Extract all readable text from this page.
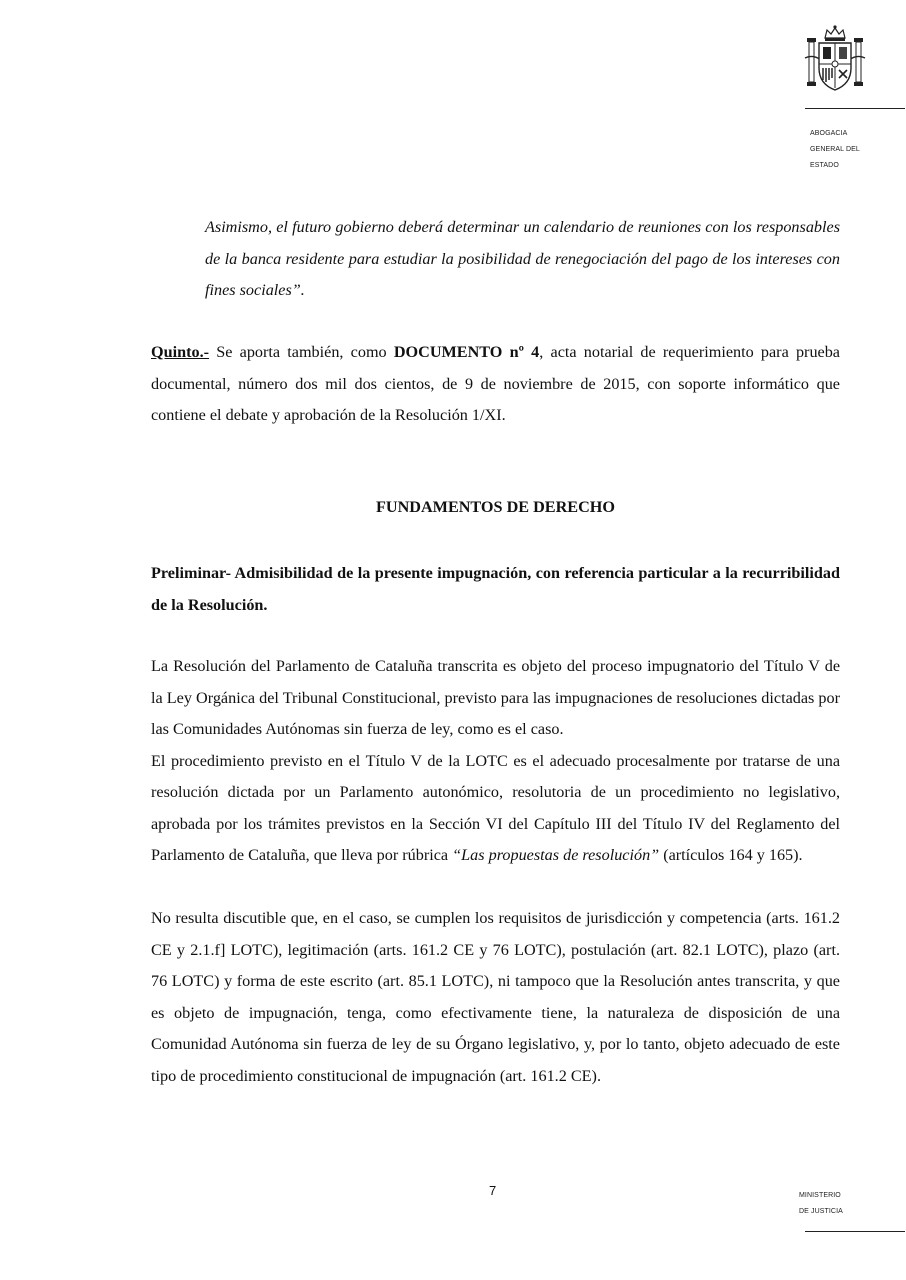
ABOGACIA
GENERAL DEL
ESTADO
Asimismo, el futuro gobierno deberá determinar un calendario de reuniones con los responsables de la banca residente para estudiar la posibilidad de renegociación del pago de los intereses con fines sociales”.

Quinto.- Se aporta también, como DOCUMENTO nº 4, acta notarial de requerimiento para prueba documental, número dos mil dos cientos, de 9 de noviembre de 2015, con soporte informático que contiene el debate y aprobación de la Resolución 1/XI.

FUNDAMENTOS DE DERECHO

Preliminar- Admisibilidad de la presente impugnación, con referencia particular a la recurribilidad de la Resolución.

La Resolución del Parlamento de Cataluña transcrita es objeto del proceso impugnatorio del Título V de la Ley Orgánica del Tribunal Constitucional, previsto para las impugnaciones de resoluciones dictadas por las Comunidades Autónomas sin fuerza de ley, como es el caso.

El procedimiento previsto en el Título V de la LOTC es el adecuado procesalmente por tratarse de una resolución dictada por un Parlamento autonómico, resolutoria de un procedimiento no legislativo, aprobada por los trámites previstos en la Sección VI del Capítulo III del Título IV del Reglamento del Parlamento de Cataluña, que lleva por rúbrica “Las propuestas de resolución” (artículos 164 y 165).

No resulta discutible que, en el caso, se cumplen los requisitos de jurisdicción y competencia (arts. 161.2 CE y 2.1.f] LOTC), legitimación (arts. 161.2 CE y 76 LOTC), postulación (art. 82.1 LOTC), plazo (art. 76 LOTC) y forma de este escrito (art. 85.1 LOTC), ni tampoco que la Resolución antes transcrita, y que es objeto de impugnación, tenga, como efectivamente tiene, la naturaleza de disposición de una Comunidad Autónoma sin fuerza de ley de su Órgano legislativo, y, por lo tanto, objeto adecuado de este tipo de procedimiento constitucional de impugnación (art. 161.2 CE).

7	MINISTERIO
DE JUSTICIA
